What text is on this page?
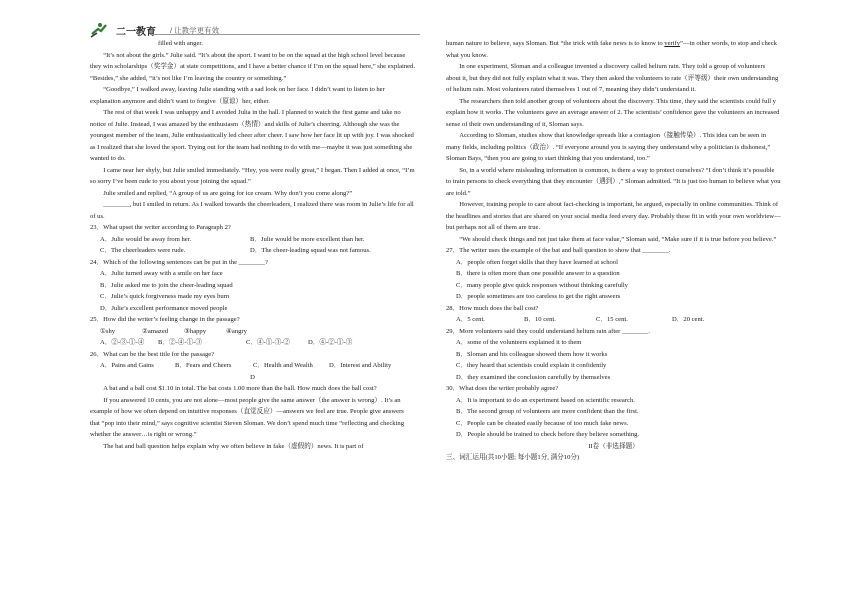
二一教育 / 让教学更有效

filled with anger.

“It’s not about the girls.” Julie said. “It’s about the sport. I want to be on the squad at the high school level because they win scholarships（奖学金）at state competitions, and I have a better chance if I’m on the squad here,” she explained. “Besides,” she added, “it’s not like I’m leaving the country or something.”

“Goodbye,” I walked away, leaving Julie standing with a sad look on her face. I didn’t want to listen to her explanation anymore and didn’t want to forgive（原谅）her, either.

The rest of that week I was unhappy and I avoided Julia in the hall. I planned to watch the first game and take no notice of Julie. Instead, I was amazed by the enthusiasm（热情）and skills of Julie’s cheering. Although she was the youngest member of the team, Julie enthusiastically led cheer after cheer. I saw how her face lit up with joy. I was shocked as I realized that she loved the sport. Trying out for the team had nothing to do with me—maybe it was just something she wanted to do.

I came near her shyly, but Julie smiled immediately. “Hey, you were really great,” I began. Then I added at once, “I’m so sorry I’ve been rude to you about your joining the squad.”

Julie smiled and replied, “A group of us are going for ice cream. Why don’t you come along?”

________, but I smiled in return. As I walked towards the cheerleaders, I realized there was room in Julie’s life for all of us.

23．What upset the writer according to Paragraph 2?

A．Julie would be away from her.	B．Julie would be more excellent than her.
C．The cheerleaders were rude.	D．The cheer-leading squad was not famous.

24．Which of the following sentences can be put in the ________?

A．Julie turned away with a smile on her face

B．Julie asked me to join the cheer-leading squad

C．Julie’s quick forgiveness made my eyes burn

D．Julie’s excellent performance moved people

25．How did the writer’s feeling change in the passage?

①shy	②amazed	③happy	④angry
A．②-③-①-④	B．②-④-①-③	C．④-①-③-②	D．④-②-①-③

26．What can be the best title for the passage?

A．Pains and Gains	B．Fears and Cheers	C．Health and Wealth	D．Interest and Ability

D

A bat and a ball cost $1.10 in total. The bat costs 1.00 more than the ball. How much does the ball cost?

If you answered 10 cents, you are not alone—most people give the same answer（the answer is wrong）. It’s an example of how we often depend on intuitive responses（直觉反应）—answers we feel are true. People give answers that “pop into their mind,” says cognitive scientist Steven Sloman. We don’t spend much time “reflecting and checking whether the answer…is right or wrong.”

The bat and ball question helps explain why we often believe in fake（虚假的）news. It is part of

human nature to believe, says Sloman. But “the trick with fake news is to know to verify”—in other words, to stop and check what you know.

In one experiment, Sloman and a colleague invented a discovery called helium rain. They told a group of volunteers about it, but they did not fully explain what it was. They then asked the volunteers to rate（评等级）their own understanding of helium rain. Most volunteers rated themselves 1 out of 7, meaning they didn’t understand it.

The researchers then told another group of volunteers about the discovery. This time, they said the scientists could full y explain how it works. The volunteers gave an average answer of 2. The scientists’ confidence gave the volunteers an increased sense of their own understanding of it, Sloman says.

According to Sloman, studies show that knowledge spreads like a contagion（接触传染）. This idea can be seen in many fields, including politics（政治）. “If everyone around you is saying they understand why a politician is dishonest,” Sloman Bays, “then you are going to start thinking that you understand, too.”

So, in a world where misleading information is common, is there a way to protect ourselves? “I don’t think it’s possible to train persons to check everything that they encounter（遇到）,” Sloman admitted. “It is just too human to believe what you are told.”

However, training people to care about fact-checking is important, he argued, especially in online communities. Think of the headlines and stories that are shared on your social media feed every day. Probably these fit in with your own worldview—but perhaps not all of them are true.

“We should check things and not just take them at face value,” Sloman said, “Make sure if it is true before you believe.”

27．The writer uses the example of the bat and ball question to show that ________.

A．people often forget skills that they have learned at school

B．there is often more than one possible answer to a question

C．many people give quick responses without thinking carefully

D．people sometimes are too careless to get the right answers

28．How much does the ball cost?

A．5 cent.	B．10 cent.	C．15 cent.	D．20 cent.

29．More volunteers said they could understand helium rain after ________.

A．some of the volunteers explained it to them

B．Sloman and his colleague showed them how it works

C．they heard that scientists could explain it confidently

D．they examined the conclusion carefully by themselves

30．What does the writer probably agree?

A．It is important to do an experiment based on scientific research.

B．The second group of volunteers are more confident than the first.

C．People can be cheated easily because of too much fake news.

D．People should be trained to check before they believe something.

II卷（非选择题）

三、词汇运用(共10小题; 每小题1分, 满分10分)
